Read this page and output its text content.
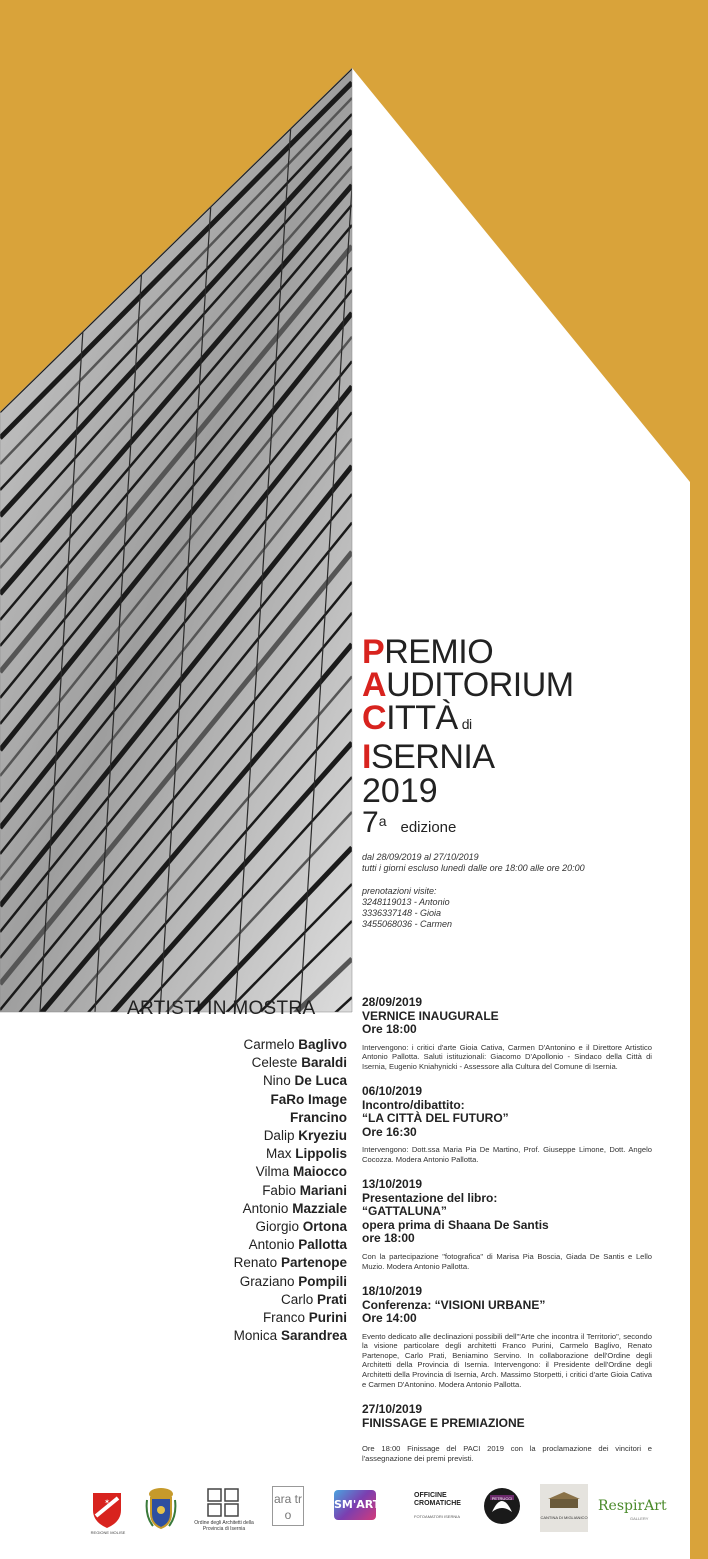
PREMIO
AUDITORIUM
CITTÀ di
ISERNIA
2019
7$^a$ edizione

dal 28/09/2019 al 27/10/2019

tutti i giorni escluso lunedì dalle ore 18:00 alle ore 20:00

prenotazioni visite:

3248119013 - Antonio

3336337148 - Gioia

3455068036 - Carmen

ARTISTI IN MOSTRA
Carmelo Baglivo
Celeste Baraldi
Nino De Luca
FaRo Image
Francino
Dalip Kryeziu
Max Lippolis
Vilma Maiocco
Fabio Mariani
Antonio Mazziale
Giorgio Ortona
Antonio Pallotta
Renato Partenope
Graziano Pompili
Carlo Prati
Franco Purini
Monica Sarandrea
28/09/2019
VERNICE INAUGURALE
Ore 18:00
Intervengono: i critici d'arte Gioia Cativa, Carmen D'Antonino e il Direttore Artistico Antonio Pallotta. Saluti istituzionali: Giacomo D'Apollonio - Sindaco della Città di Isernia, Eugenio Kniahynicki - Assessore alla Cultura del Comune di Isernia.
06/10/2019
Incontro/dibattito:
“LA CITTÀ DEL FUTURO”
Ore 16:30
Intervengono: Dott.ssa Maria Pia De Martino, Prof. Giuseppe Limone, Dott. Angelo Cocozza. Modera Antonio Pallotta.
13/10/2019
Presentazione del libro:
“GATTALUNA”
opera prima di Shaana De Santis
ore 18:00
Con la partecipazione "fotografica" di Marisa Pia Boscia, Giada De Santis e Lello Muzio. Modera Antonio Pallotta.
18/10/2019
Conferenza: “VISIONI URBANE”
Ore 14:00
Evento dedicato alle declinazioni possibili dell'"Arte che incontra il Territorio", secondo la visione particolare degli architetti Franco Purini, Carmelo Baglivo, Renato Partenope, Carlo Prati, Beniamino Servino. In collaborazione dell'Ordine degli Architetti della Provincia di Isernia. Intervengono: il Presidente dell'Ordine degli Architetti della Provincia di Isernia, Arch. Massimo Storpetti, i critici d'arte Gioia Cativa e Carmen D'Antonino. Modera Antonio Pallotta.
27/10/2019
FINISSAGE E PREMIAZIONE
Ore 18:00 Finissage del PACI 2019 con la proclamazione dei vincitori e l'assegnazione dei premi previsti.
✶
REGIONE MOLISE
Ordine degli Architetti della Provincia di Isernia
ara tro
SM'ART
OFFICINE CROMATICHE
FOTOAMATORI ISERNIA
PETRUCCI
CANTINA DI MIGLIANICO
RespirArt
GALLERY
